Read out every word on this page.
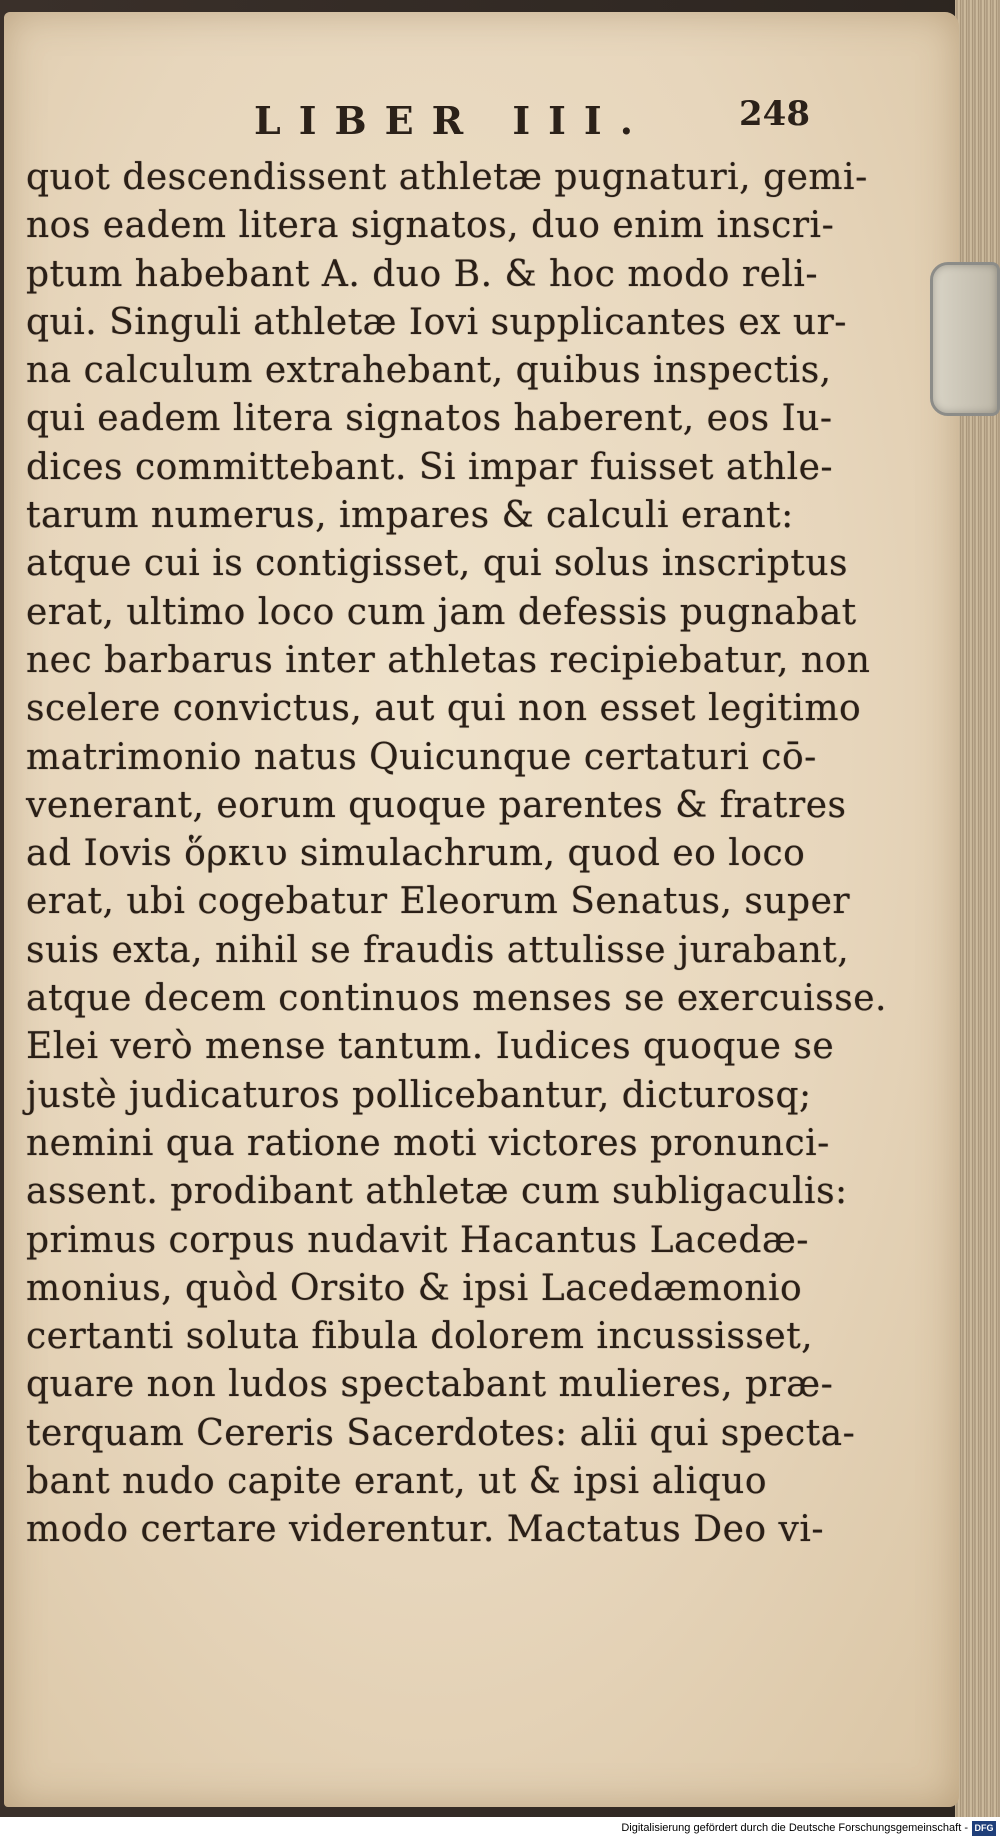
LIBER III.	248
quot descendissent athletæ pugnaturi, gemi-
nos eadem litera signatos, duo enim inscri-
ptum habebant A. duo B. & hoc modo reli-
qui. Singuli athletæ Iovi supplicantes ex ur-
na calculum extrahebant, quibus inspectis,
qui eadem litera signatos haberent, eos Iu-
dices committebant. Si impar fuisset athle-
tarum numerus, impares & calculi erant:
atque cui is contigisset, qui solus inscriptus
erat, ultimo loco cum jam defessis pugnabat
nec barbarus inter athletas recipiebatur, non
scelere convictus, aut qui non esset legitimo
matrimonio natus Quicunque certaturi cō-
venerant, eorum quoque parentes & fratres
ad Iovis ὅρκιυ simulachrum, quod eo loco
erat, ubi cogebatur Eleorum Senatus, super
suis exta, nihil se fraudis attulisse jurabant,
atque decem continuos menses se exercuisse.
Elei verò mense tantum. Iudices quoque se
justè judicaturos pollicebantur, dicturosq;
nemini qua ratione moti victores pronunci-
assent. prodibant athletæ cum subligaculis:
primus corpus nudavit Hacantus Lacedæ-
monius, quòd Orsito & ipsi Lacedæmonio
certanti soluta fibula dolorem incussisset,
quare non ludos spectabant mulieres, præ-
terquam Cereris Sacerdotes: alii qui specta-
bant nudo capite erant, ut & ipsi aliquo
modo certare viderentur. Mactatus Deo vi-
Digitalisierung gefördert durch die Deutsche Forschungsgemeinschaft - DFG
